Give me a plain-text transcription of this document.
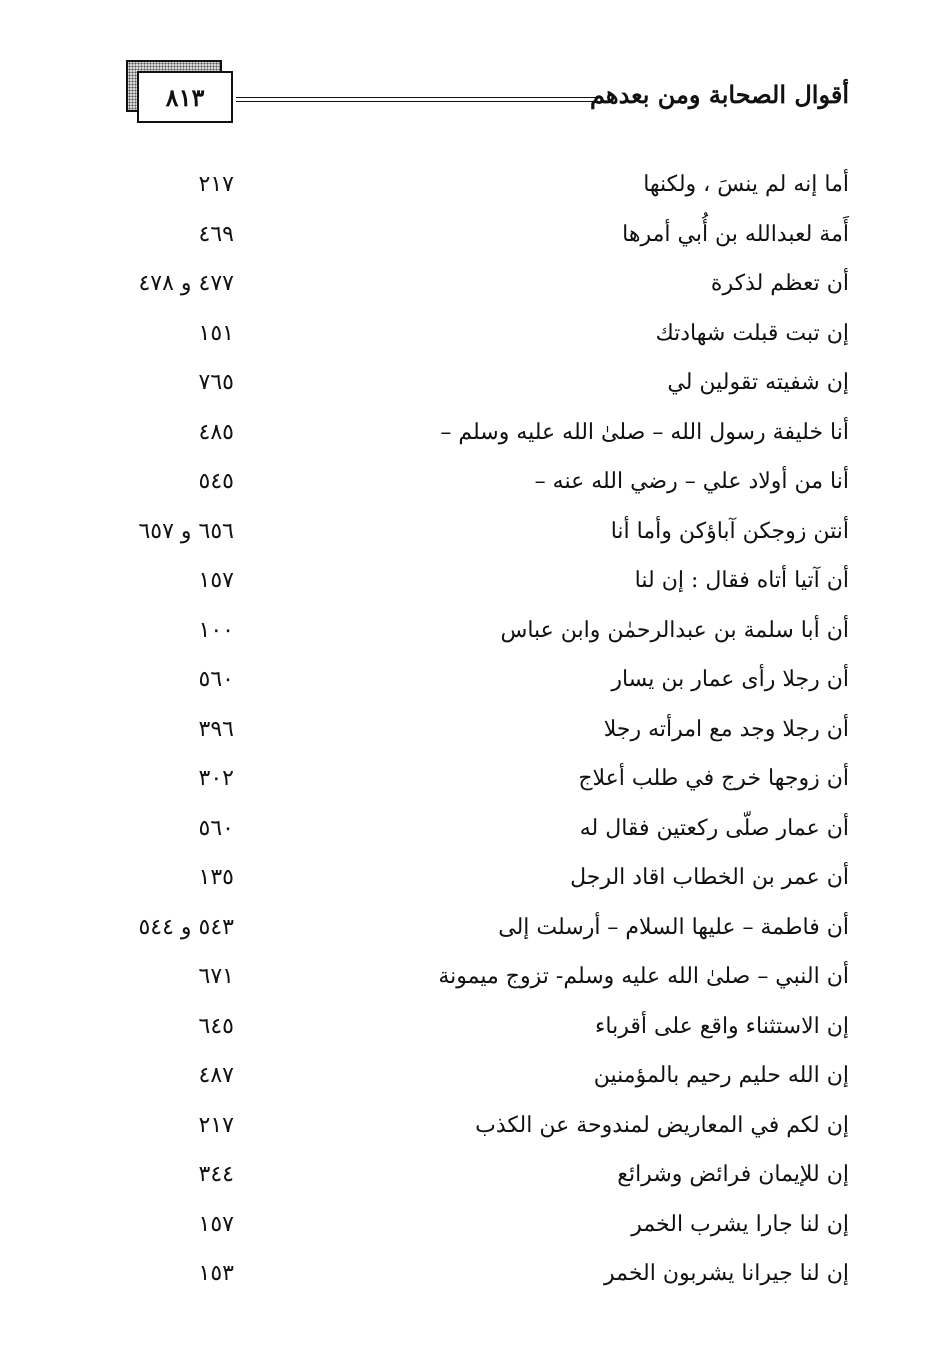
٨١٣	أقوال الصحابة ومن بعدهم
أما إنه لم ينسَ ، ولكنها
٢١٧
أَمة لعبدالله بن أُبي أمرها
٤٦٩
أن تعظم لذكرة
٤٧٧ و ٤٧٨
إن تبت قبلت شهادتك
١٥١
إن شفيته تقولين لي
٧٦٥
أنا خليفة رسول الله – صلىٰ الله عليه وسلم –
٤٨٥
أنا من أولاد علي – رضي الله عنه –
٥٤٥
أنتن زوجكن آباؤكن وأما أنا
٦٥٦ و ٦٥٧
أن آتيا أتاه فقال : إن لنا
١٥٧
أن أبا سلمة بن عبدالرحمٰن وابن عباس
١٠٠
أن رجلا رأى عمار بن يسار
٥٦٠
أن رجلا وجد مع امرأته رجلا
٣٩٦
أن زوجها خرج في طلب أعلاج
٣٠٢
أن عمار صلّى ركعتين فقال له
٥٦٠
أن عمر بن الخطاب اقاد الرجل
١٣٥
أن فاطمة – عليها السلام – أرسلت إلى
٥٤٣ و ٥٤٤
أن النبي – صلىٰ الله عليه وسلم- تزوج ميمونة
٦٧١
إن الاستثناء واقع على أقرباء
٦٤٥
إن الله حليم رحيم بالمؤمنين
٤٨٧
إن لكم في المعاريض لمندوحة عن الكذب
٢١٧
إن للإيمان فرائض وشرائع
٣٤٤
إن لنا جارا يشرب الخمر
١٥٧
إن لنا جيرانا يشربون الخمر
١٥٣
